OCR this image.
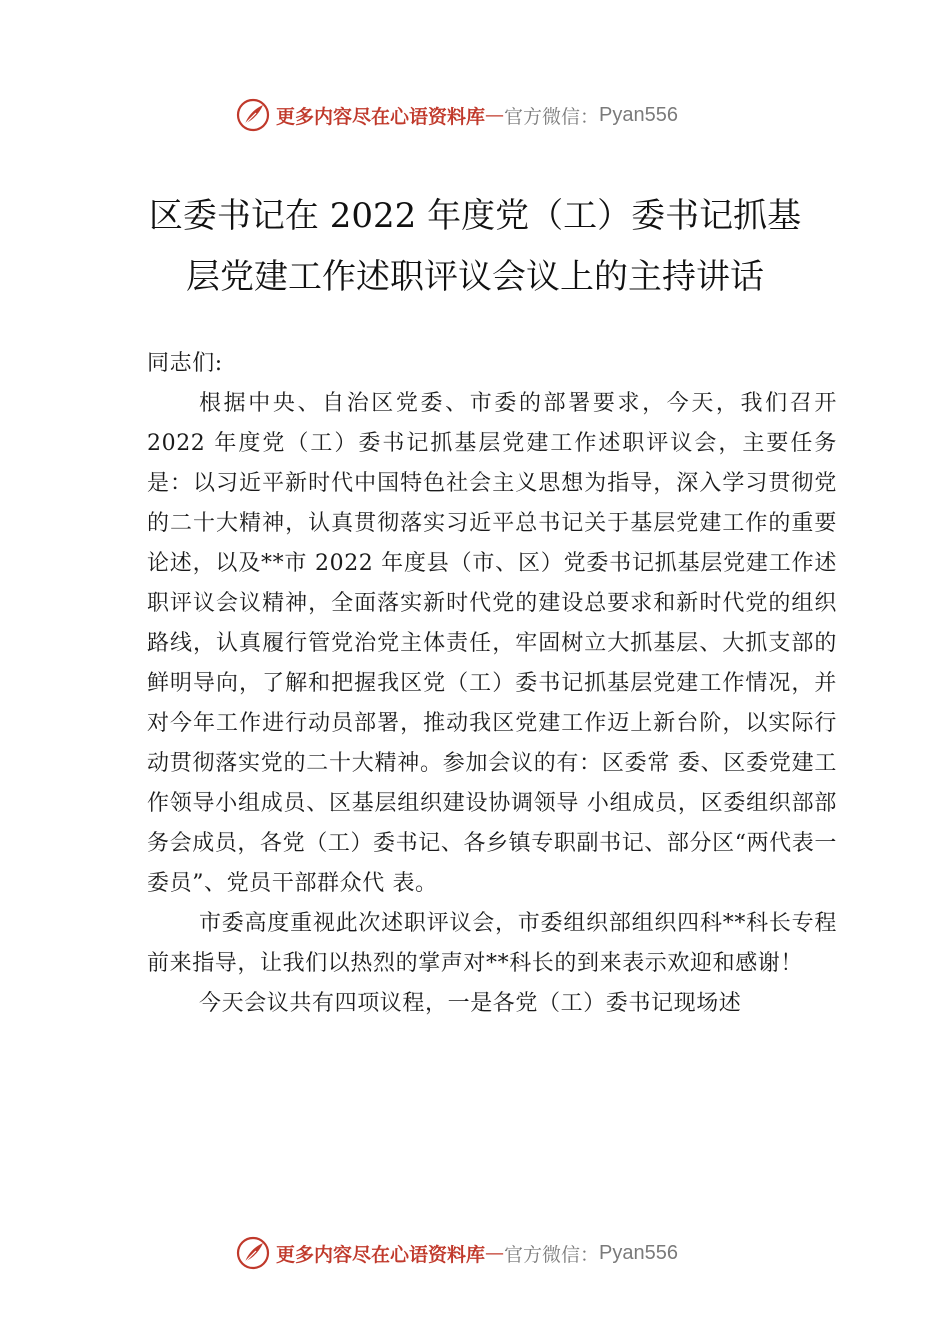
更多内容尽在心语资料库 — 官方微信： Pyan556
区委书记在 2022 年度党（工）委书记抓基
层党建工作述职评议会议上的主持讲话
同志们:

根据中央、自治区党委、市委的部署要求，今天，我们召开 2022 年度党（工）委书记抓基层党建工作述职评议会，主要任务是：以习近平新时代中国特色社会主义思想为指导，深入学习贯彻党的二十大精神，认真贯彻落实习近平总书记关于基层党建工作的重要论述，以及**市 2022 年度县（市、区）党委书记抓基层党建工作述职评议会议精神，全面落实新时代党的建设总要求和新时代党的组织路线，认真履行管党治党主体责任，牢固树立大抓基层、大抓支部的鲜明导向，了解和把握我区党（工）委书记抓基层党建工作情况，并对今年工作进行动员部署，推动我区党建工作迈上新台阶，以实际行动贯彻落实党的二十大精神。参加会议的有：区委常 委、区委党建工作领导小组成员、区基层组织建设协调领导 小组成员，区委组织部部务会成员，各党（工）委书记、各乡镇专职副书记、部分区“两代表一委员”、党员干部群众代 表。

市委高度重视此次述职评议会，市委组织部组织四科**科长专程前来指导，让我们以热烈的掌声对**科长的到来表示欢迎和感谢！

今天会议共有四项议程，一是各党（工）委书记现场述

更多内容尽在心语资料库 — 官方微信： Pyan556
